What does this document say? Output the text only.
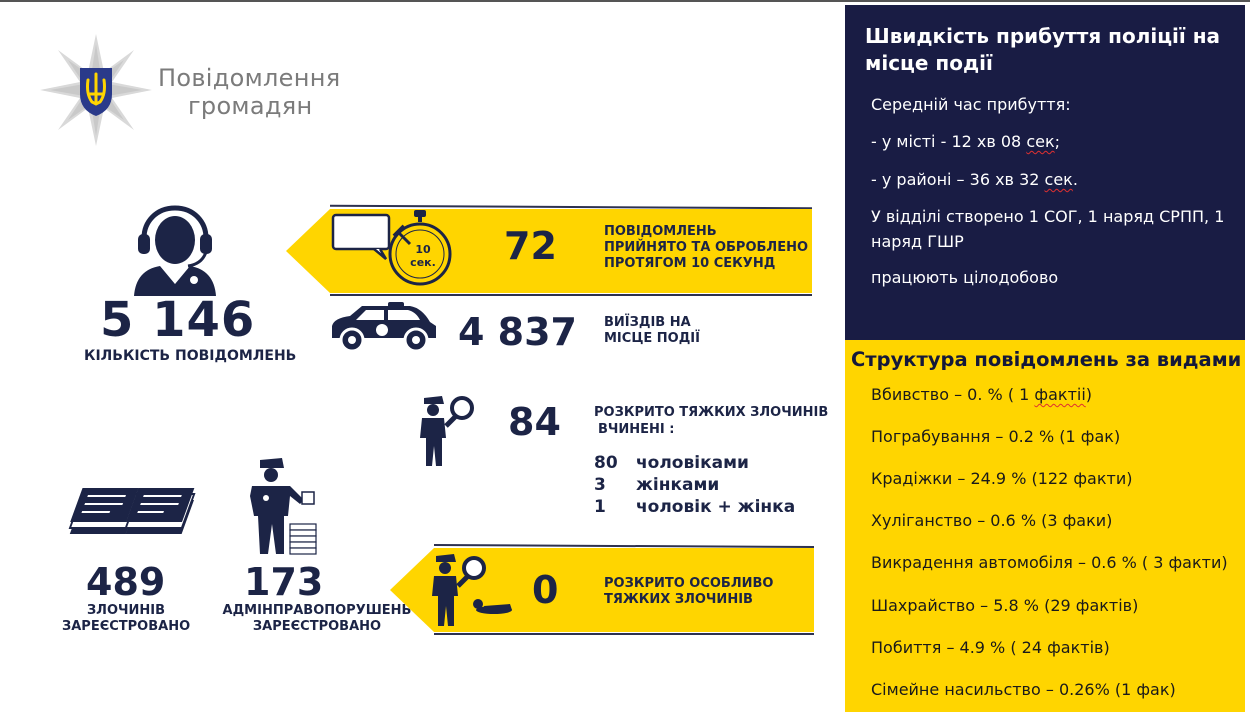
Повідомлення
громадян
5 146
КІЛЬКІСТЬ ПОВІДОМЛЕНЬ
10 сек. 72	ПОВІДОМЛЕНЬ
ПРИЙНЯТО ТА ОБРОБЛЕНО
ПРОТЯГОМ 10 СЕКУНД
4 837 ВИЇЗДІВ НА
МІСЦЕ ПОДІЇ
84	РОЗКРИТО ТЯЖКИХ ЗЛОЧИНІВ
ВЧИНЕНІ :
80 чоловіками
3 жінками
1 чоловік + жінка
489
ЗЛОЧИНІВ
ЗАРЕЄСТРОВАНО
173
АДМІНПРАВОПОРУШЕНЬ
ЗАРЕЄСТРОВАНО
0	РОЗКРИТО ОСОБЛИВО
ТЯЖКИХ ЗЛОЧИНІВ
Швидкість прибуття поліції на місце події
Середній час прибуття:
- у місті - 12 хв 08 сек;
- у районі – 36 хв 32 сек.
У відділі створено 1 СОГ, 1 наряд СРПП, 1 наряд ГШР
працюють цілодобово
Структура повідомлень за видами
Вбивство – 0. % ( 1 фактіі)
Пограбування – 0.2 % (1 фак)
Крадіжки – 24.9 % (122 факти)
Хуліганство – 0.6 % (3 факи)
Викрадення автомобіля – 0.6 % ( 3 факти)
Шахрайство – 5.8 % (29 фактів)
Побиття – 4.9 % ( 24 фактів)
Сімейне насильство – 0.26% (1 фак)
